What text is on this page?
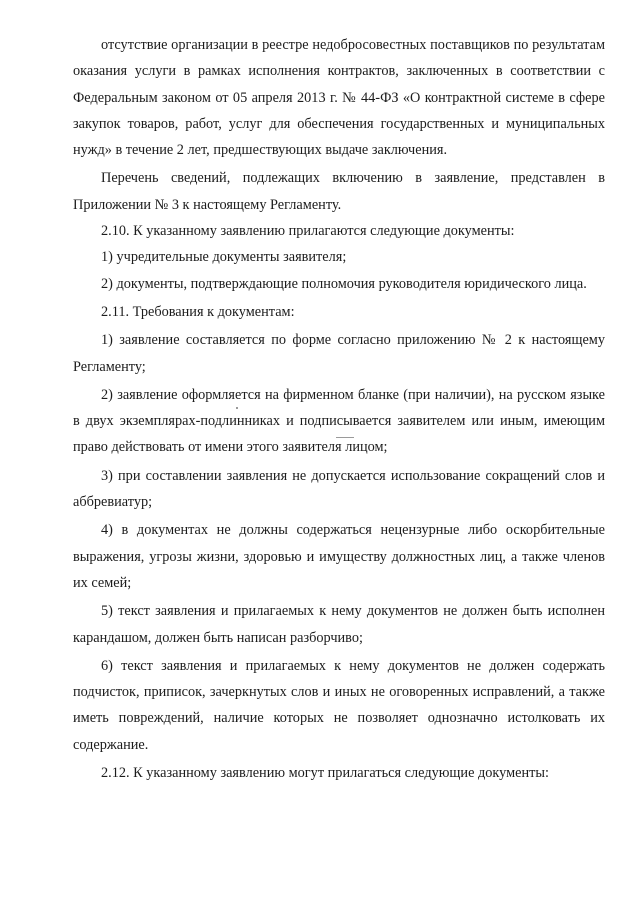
отсутствие организации в реестре недобросовестных поставщиков по результатам оказания услуги в рамках исполнения контрактов, заключенных в соответствии с Федеральным законом от 05 апреля 2013 г. № 44-ФЗ «О контрактной системе в сфере закупок товаров, работ, услуг для обеспечения государственных и муниципальных нужд» в течение 2 лет, предшествующих выдаче заключения.

Перечень сведений, подлежащих включению в заявление, представлен в Приложении № 3 к настоящему Регламенту.

2.10. К указанному заявлению прилагаются следующие документы:

1) учредительные документы заявителя;

2) документы, подтверждающие полномочия руководителя юридического лица.

2.11. Требования к документам:

1) заявление составляется по форме согласно приложению № 2 к настоящему Регламенту;

2) заявление оформляется на фирменном бланке (при наличии), на русском языке в двух экземплярах-подлинниках и подписывается заявителем или иным, имеющим право действовать от имени этого заявителя лицом;

3) при составлении заявления не допускается использование сокращений слов и аббревиатур;

4) в документах не должны содержаться нецензурные либо оскорбительные выражения, угрозы жизни, здоровью и имуществу должностных лиц, а также членов их семей;

5) текст заявления и прилагаемых к нему документов не должен быть исполнен карандашом, должен быть написан разборчиво;

6) текст заявления и прилагаемых к нему документов не должен содержать подчисток, приписок, зачеркнутых слов и иных не оговоренных исправлений, а также иметь повреждений, наличие которых не позволяет однозначно истолковать их содержание.

2.12. К указанному заявлению могут прилагаться следующие документы:
